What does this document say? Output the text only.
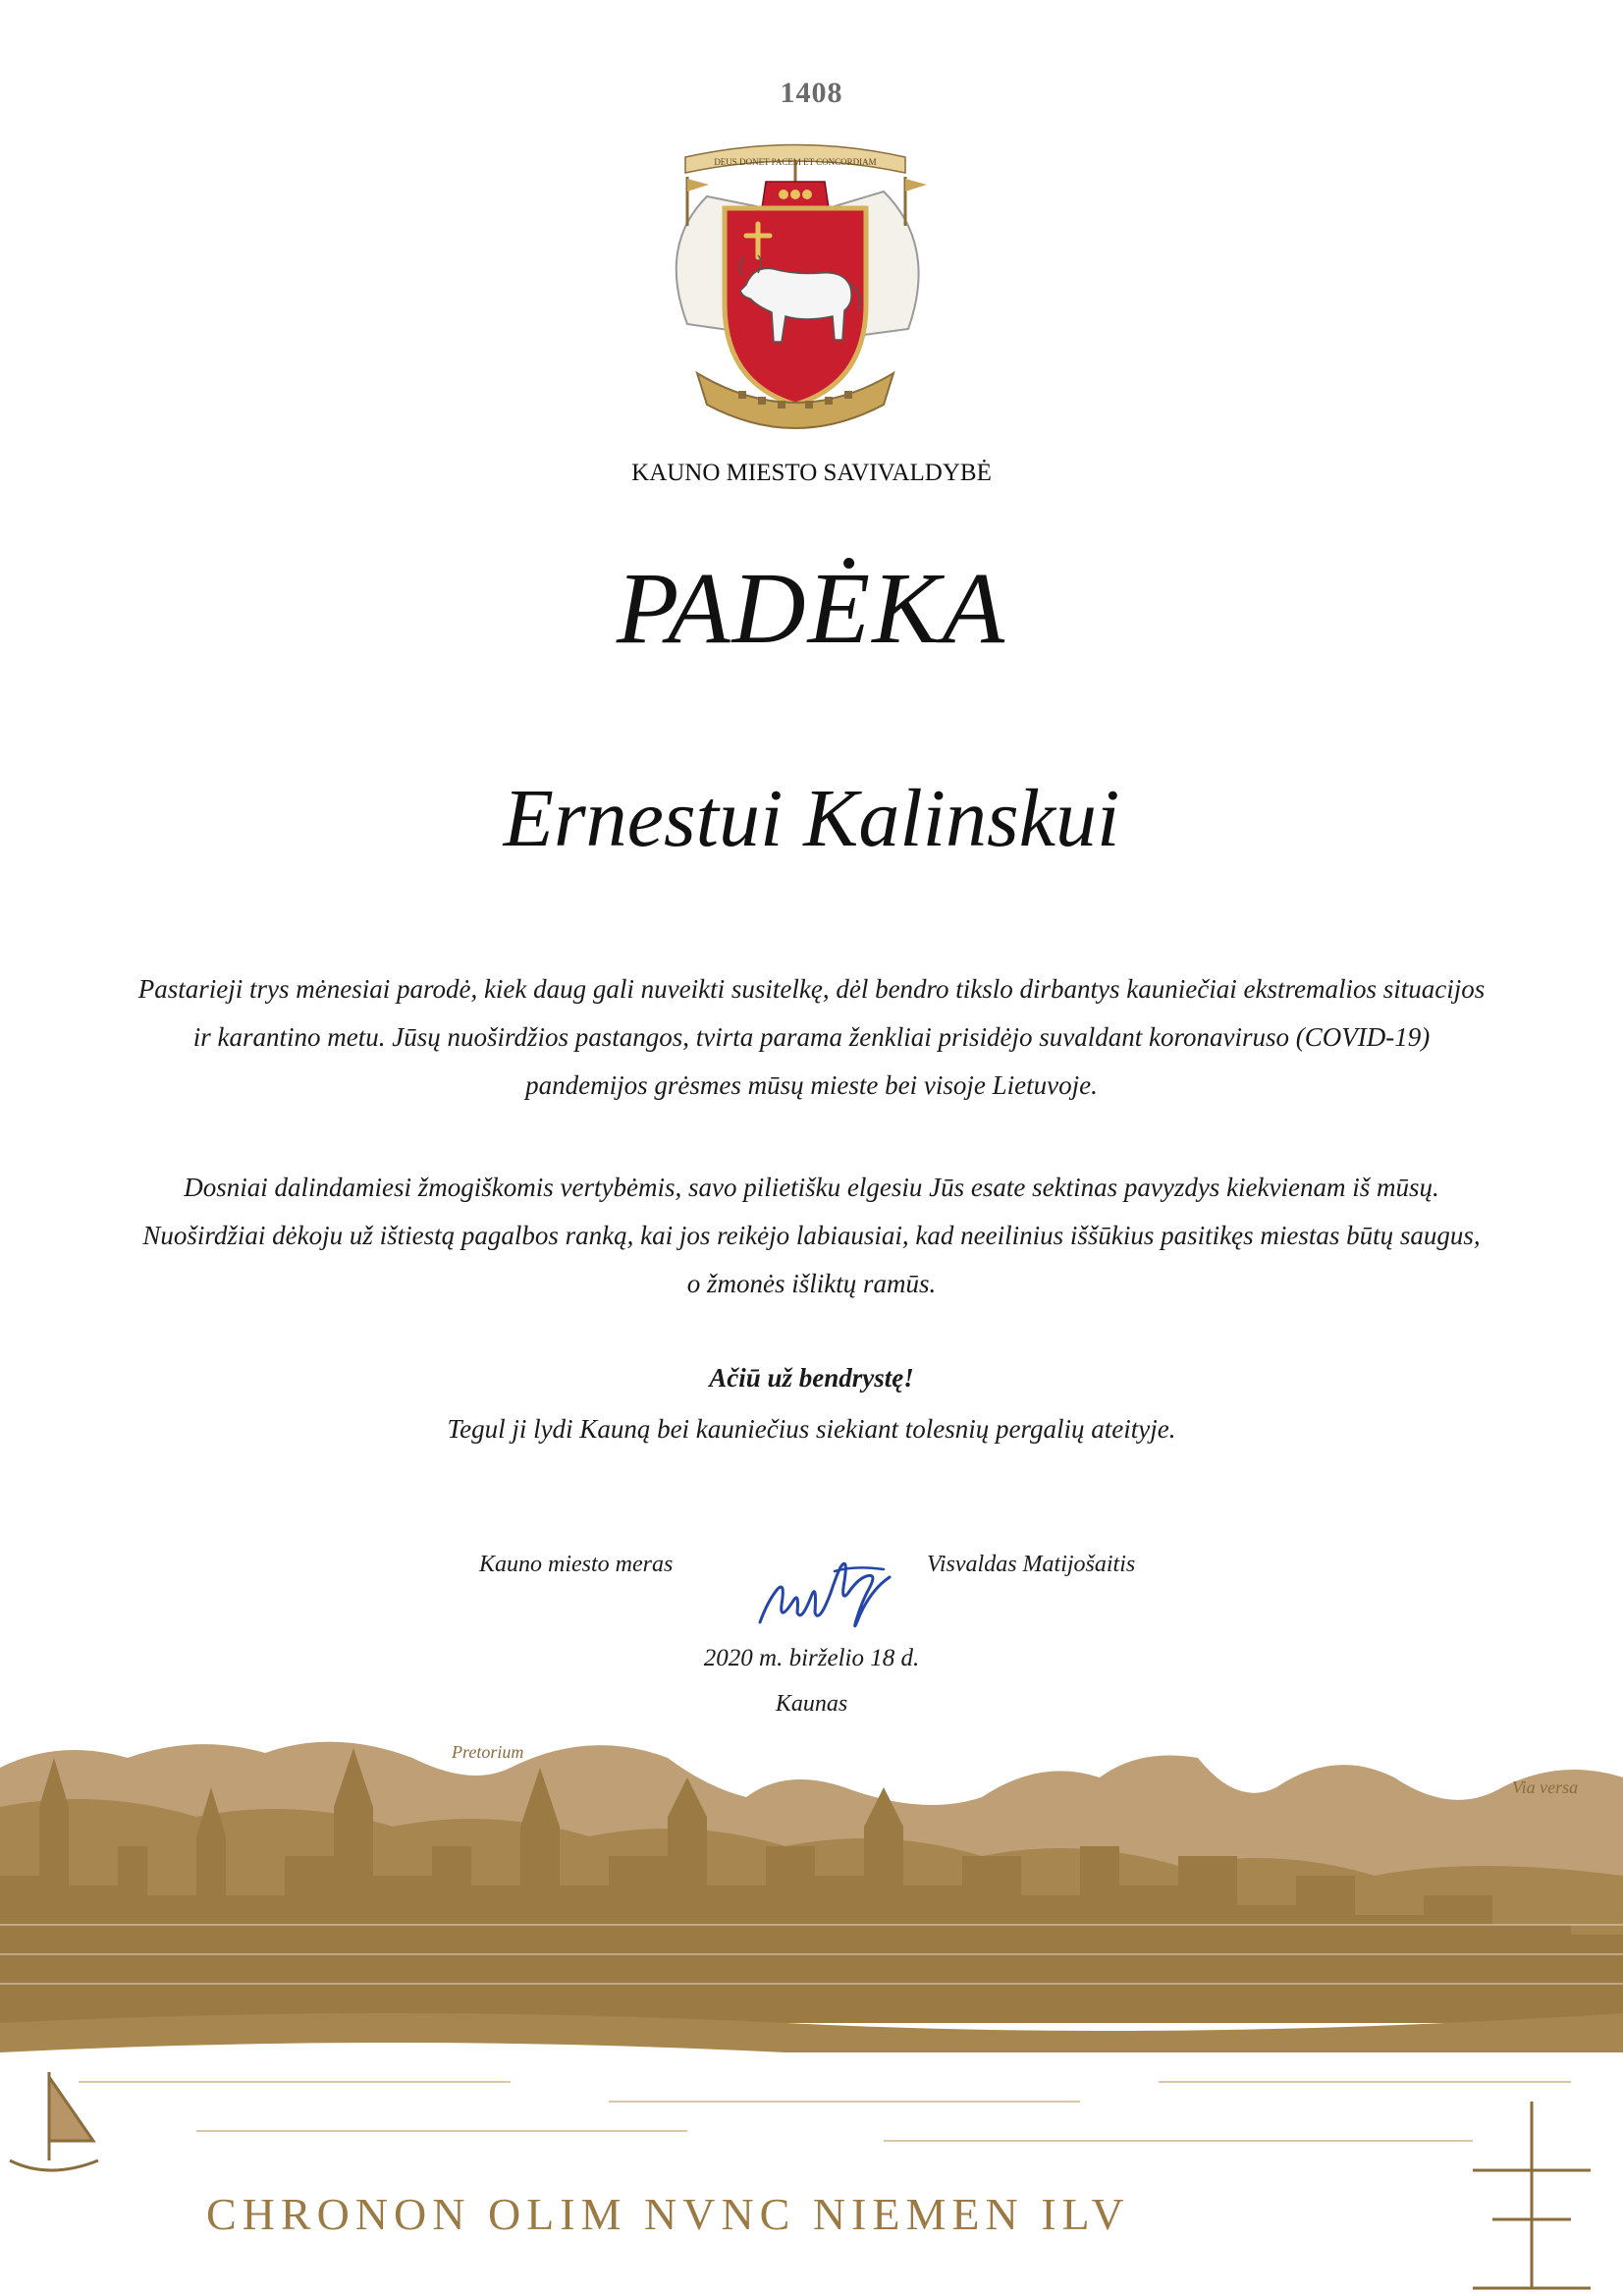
1408
DEUS DONET PACEM ET CONCORDIAM
KAUNO MIESTO SAVIVALDYBĖ
PADĖKA
Ernestui Kalinskui

Pastarieji trys mėnesiai parodė, kiek daug gali nuveikti susitelkę, dėl bendro tikslo dirbantys kauniečiai ekstremalios situacijos ir karantino metu. Jūsų nuoširdžios pastangos, tvirta parama ženkliai prisidėjo suvaldant koronaviruso (COVID-19) pandemijos grėsmes mūsų mieste bei visoje Lietuvoje.

Dosniai dalindamiesi žmogiškomis vertybėmis, savo pilietišku elgesiu Jūs esate sektinas pavyzdys kiekvienam iš mūsų. Nuoširdžiai dėkoju už ištiestą pagalbos ranką, kai jos reikėjo labiausiai, kad neeilinius iššūkius pasitikęs miestas būtų saugus, o žmonės išliktų ramūs.

Ačiū už bendrystę!
Tegul ji lydi Kauną bei kauniečius siekiant tolesnių pergalių ateityje.
Kauno miesto meras	Visvaldas Matijošaitis
2020 m. birželio 18 d.
Kaunas
Pretorium
Via versa
CHRONON OLIM NVNC NIEMEN ILV
